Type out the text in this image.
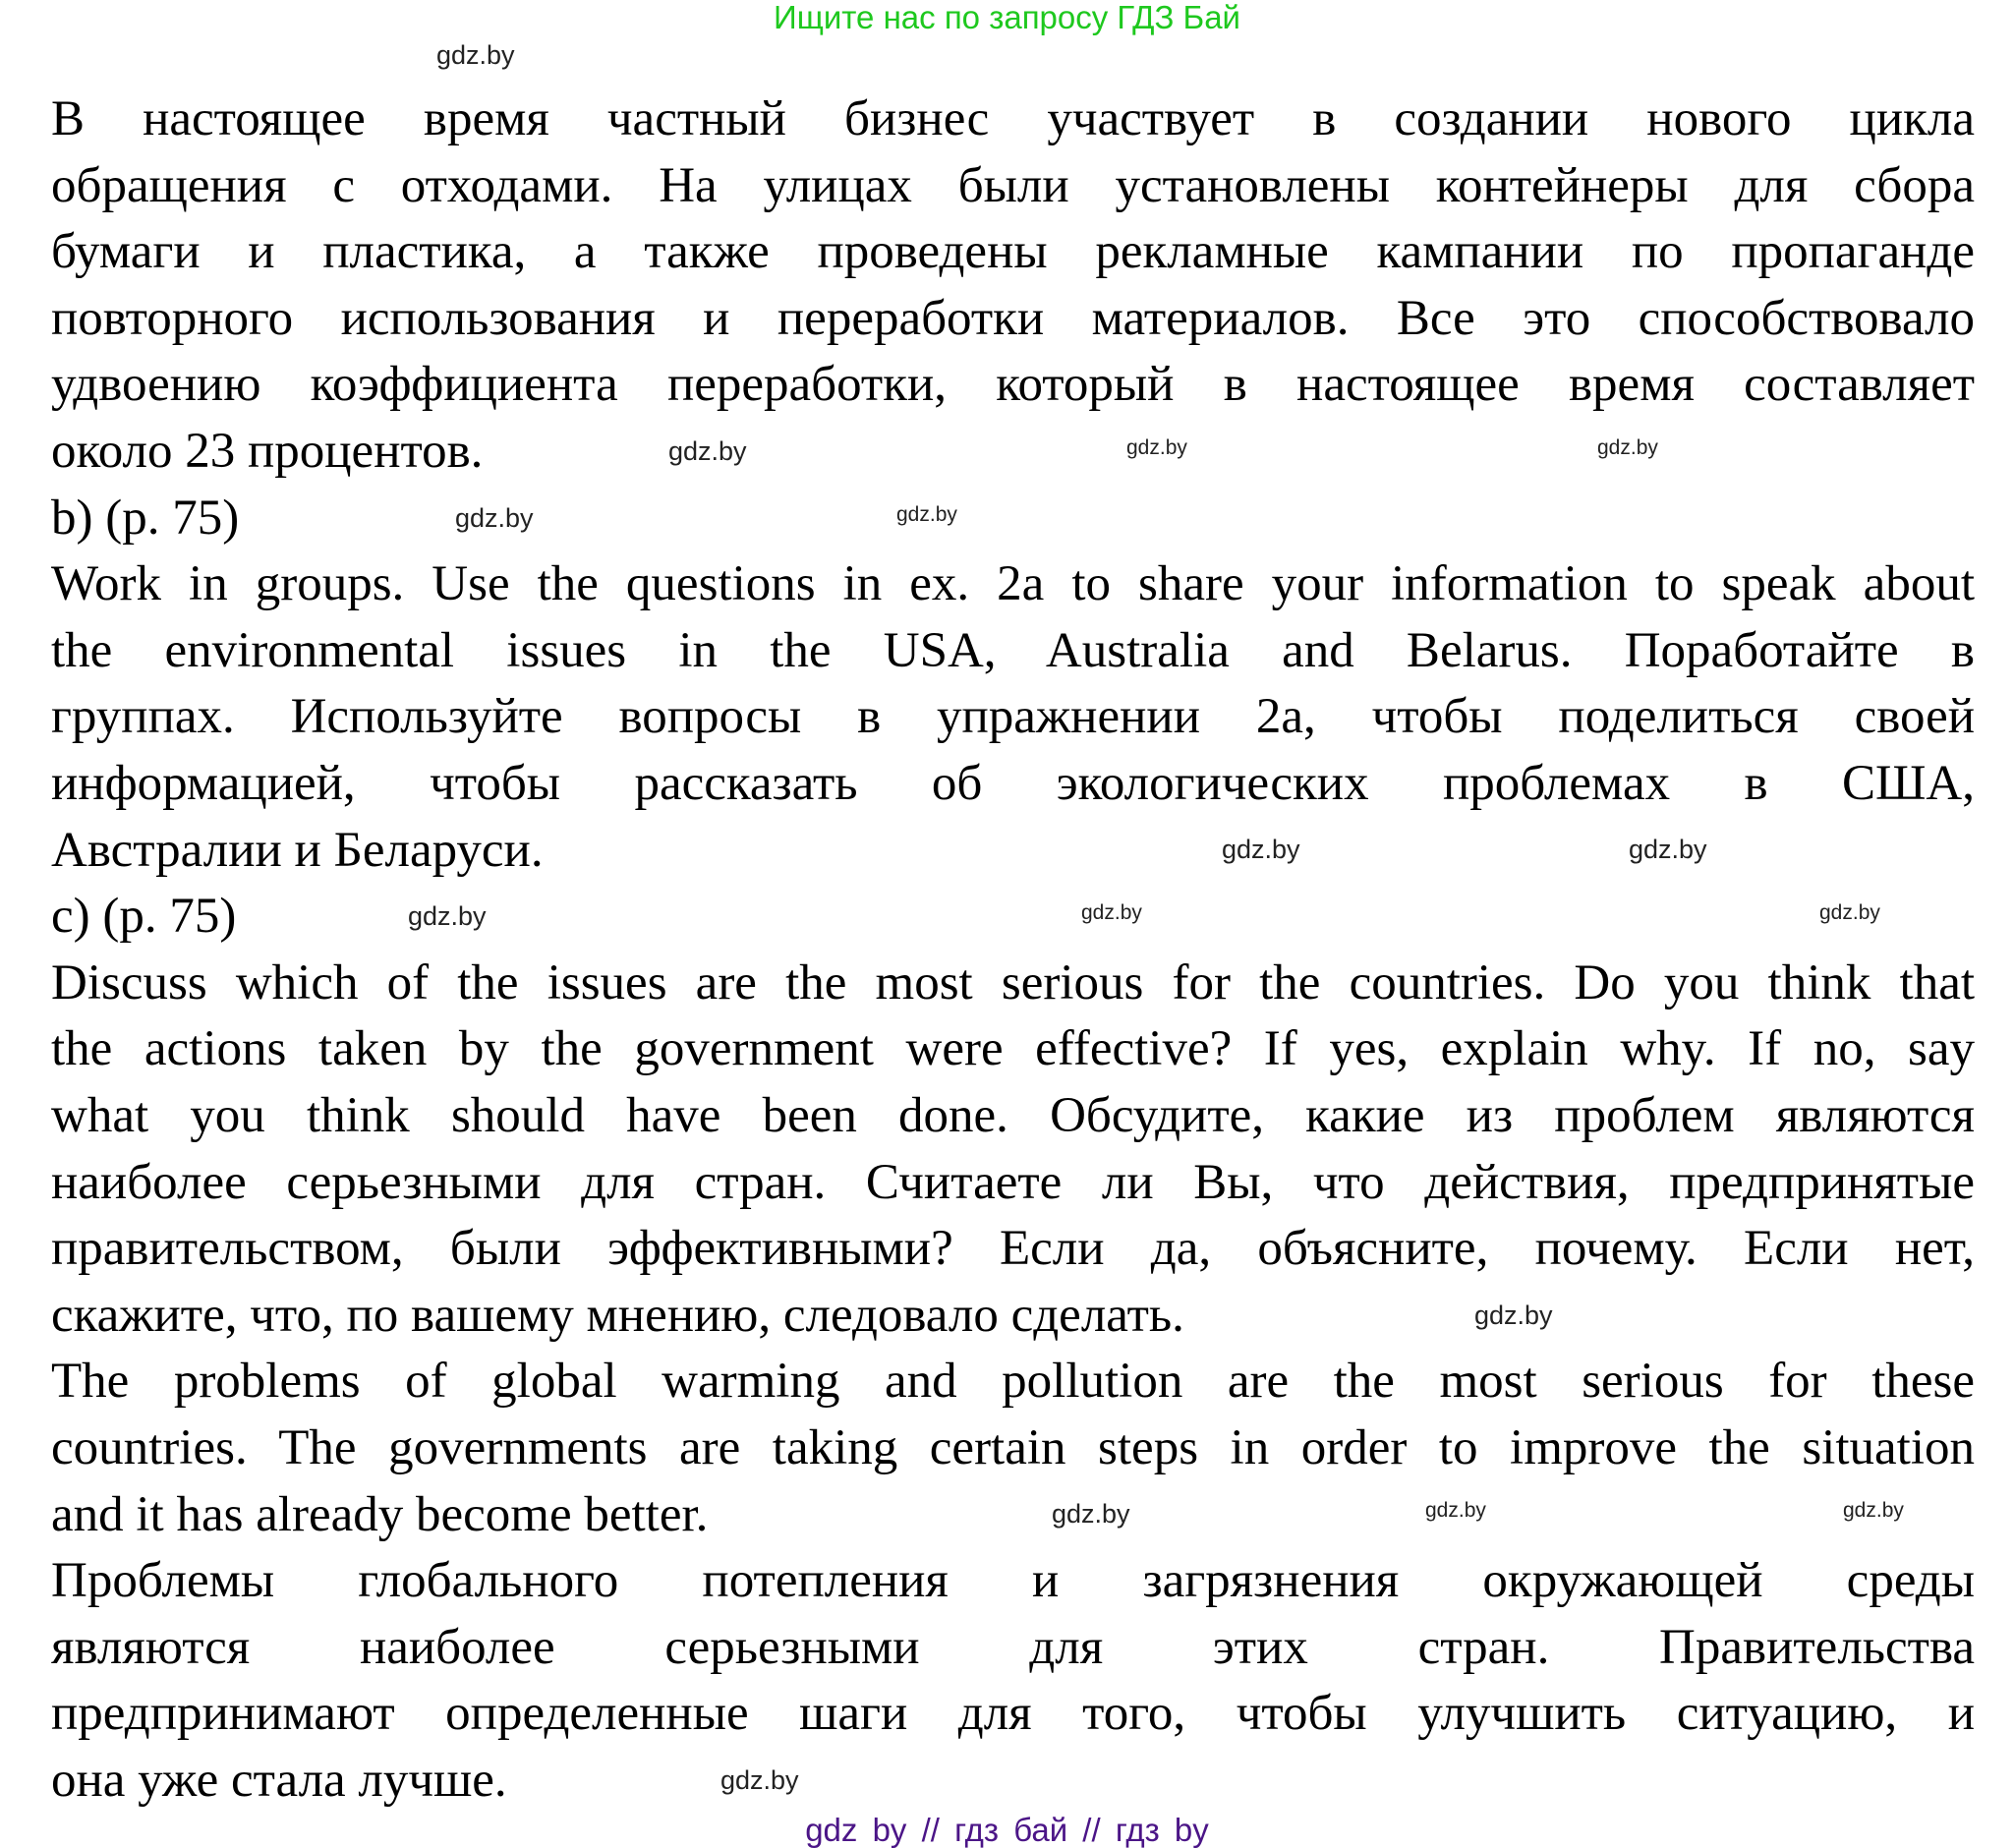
Ищите нас по запросу ГДЗ Бай
В настоящее время частный бизнес участвует в создании нового цикла
обращения с отходами. На улицах были установлены контейнеры для сбора
бумаги и пластика, а также проведены рекламные кампании по пропаганде
повторного использования и переработки материалов. Все это способствовало
удвоению коэффициента переработки, который в настоящее время составляет
около 23 процентов.
b) (p. 75)
Work in groups. Use the questions in ex. 2a to share your information to speak about
the environmental issues in the USA, Australia and Belarus. Поработайте в
группах. Используйте вопросы в упражнении 2a, чтобы поделиться своей
информацией, чтобы рассказать об экологических проблемах в США,
Австралии и Беларуси.
c) (p. 75)
Discuss which of the issues are the most serious for the countries. Do you think that
the actions taken by the government were effective? If yes, explain why. If no, say
what you think should have been done. Обсудите, какие из проблем являются
наиболее серьезными для стран. Считаете ли Вы, что действия, предпринятые
правительством, были эффективными? Если да, объясните, почему. Если нет,
скажите, что, по вашему мнению, следовало сделать.
The problems of global warming and pollution are the most serious for these
countries. The governments are taking certain steps in order to improve the situation
and it has already become better.
Проблемы глобального потепления и загрязнения окружающей среды
являются наиболее серьезными для этих стран. Правительства
предпринимают определенные шаги для того, чтобы улучшить ситуацию, и
она уже стала лучше.
gdz.by
gdz.by	gdz.by	gdz.by
gdz.by	gdz.by
gdz.by	gdz.by
gdz.by	gdz.by	gdz.by
gdz.by
gdz.by	gdz.by	gdz.by
gdz.by
gdz by // гдз бай // гдз by
